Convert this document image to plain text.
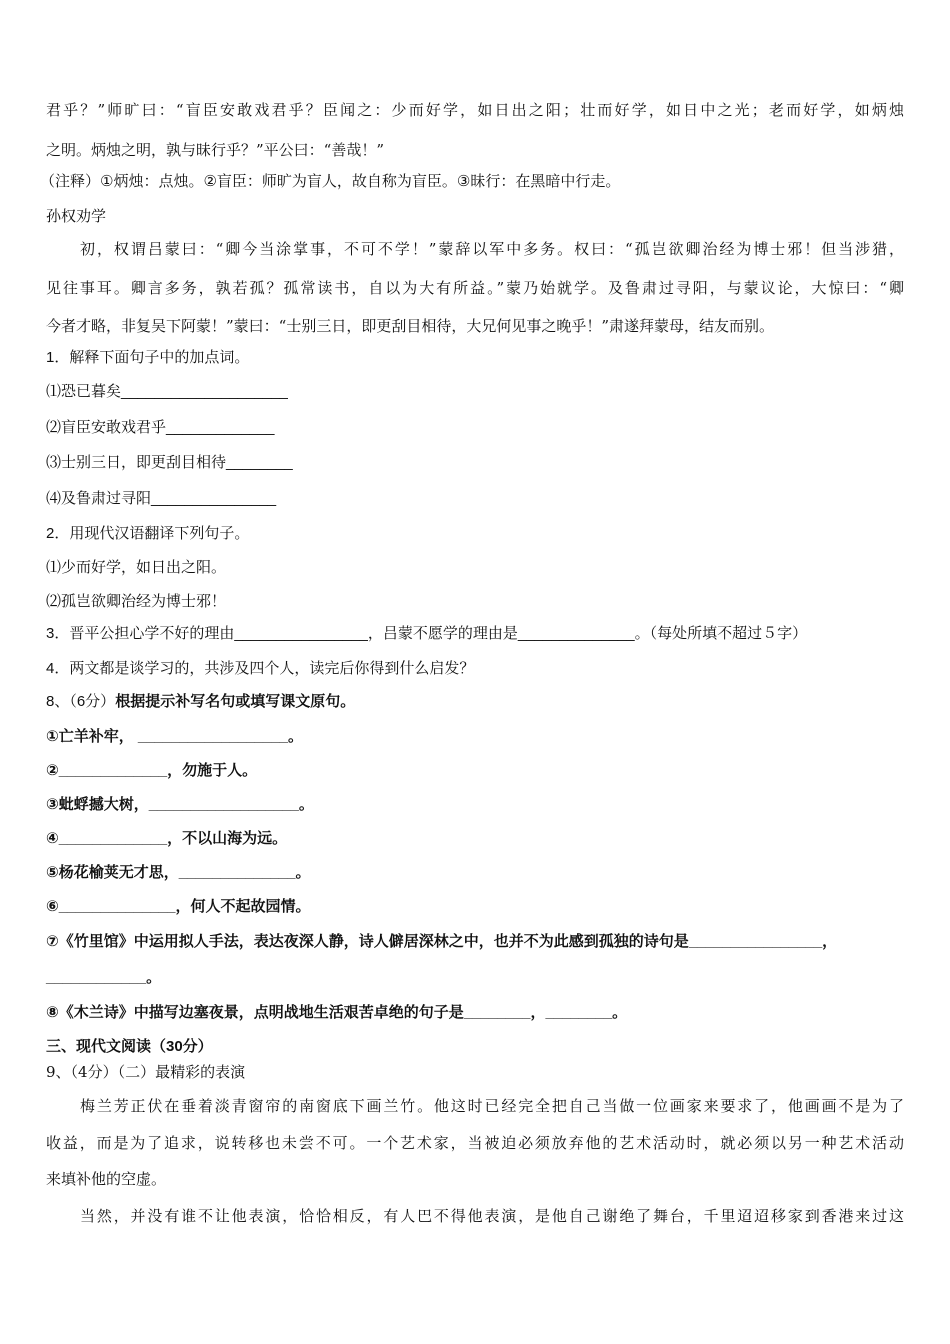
君乎？”师旷曰：“盲臣安敢戏君乎？臣闻之：少而好学，如日出之阳；壮而好学，如日中之光；老而好学，如炳烛
之明。炳烛之明，孰与昧行乎？”平公曰：“善哉！”
（注释）①炳烛：点烛。②盲臣：师旷为盲人，故自称为盲臣。③昧行：在黑暗中行走。
孙权劝学
初，权谓吕蒙曰：“卿今当涂掌事，不可不学！”蒙辞以军中多务。权曰：“孤岂欲卿治经为博士邪！但当涉猎，
见往事耳。卿言多务，孰若孤？孤常读书，自以为大有所益。”蒙乃始就学。及鲁肃过寻阳，与蒙议论，大惊曰：“卿
今者才略，非复吴下阿蒙！”蒙曰：“士别三日，即更刮目相待，大兄何见事之晚乎！”肃遂拜蒙母，结友而别。
1．解释下面句子中的加点词。
⑴恐已暮矣____________________
⑵盲臣安敢戏君乎_____________
⑶士别三日，即更刮目相待________
⑷及鲁肃过寻阳_______________
2．用现代汉语翻译下列句子。
⑴少而好学，如日出之阳。
⑵孤岂欲卿治经为博士邪！
3．晋平公担心学不好的理由________________，吕蒙不愿学的理由是______________。（每处所填不超过５字）
4．两文都是谈学习的，共涉及四个人，读完后你得到什么启发？
8、（6分）根据提示补写名句或填写课文原句。
①亡羊补牢， __________________。
②_____________，勿施于人。
③蚍蜉撼大树，__________________。
④_____________，不以山海为远。
⑤杨花榆荚无才思，______________。
⑥______________，何人不起故园情。
⑦《竹里馆》中运用拟人手法，表达夜深人静，诗人僻居深林之中，也并不为此感到孤独的诗句是________________，
____________。
⑧《木兰诗》中描写边塞夜景，点明战地生活艰苦卓绝的句子是________，________。
三、现代文阅读（30分）
9、（4分）（二）最精彩的表演
梅兰芳正伏在垂着淡青窗帘的南窗底下画兰竹。他这时已经完全把自己当做一位画家来要求了，他画画不是为了
收益，而是为了追求，说转移也未尝不可。一个艺术家，当被迫必须放弃他的艺术活动时，就必须以另一种艺术活动
来填补他的空虚。
当然，并没有谁不让他表演，恰恰相反，有人巴不得他表演，是他自己谢绝了舞台，千里迢迢移家到香港来过这
